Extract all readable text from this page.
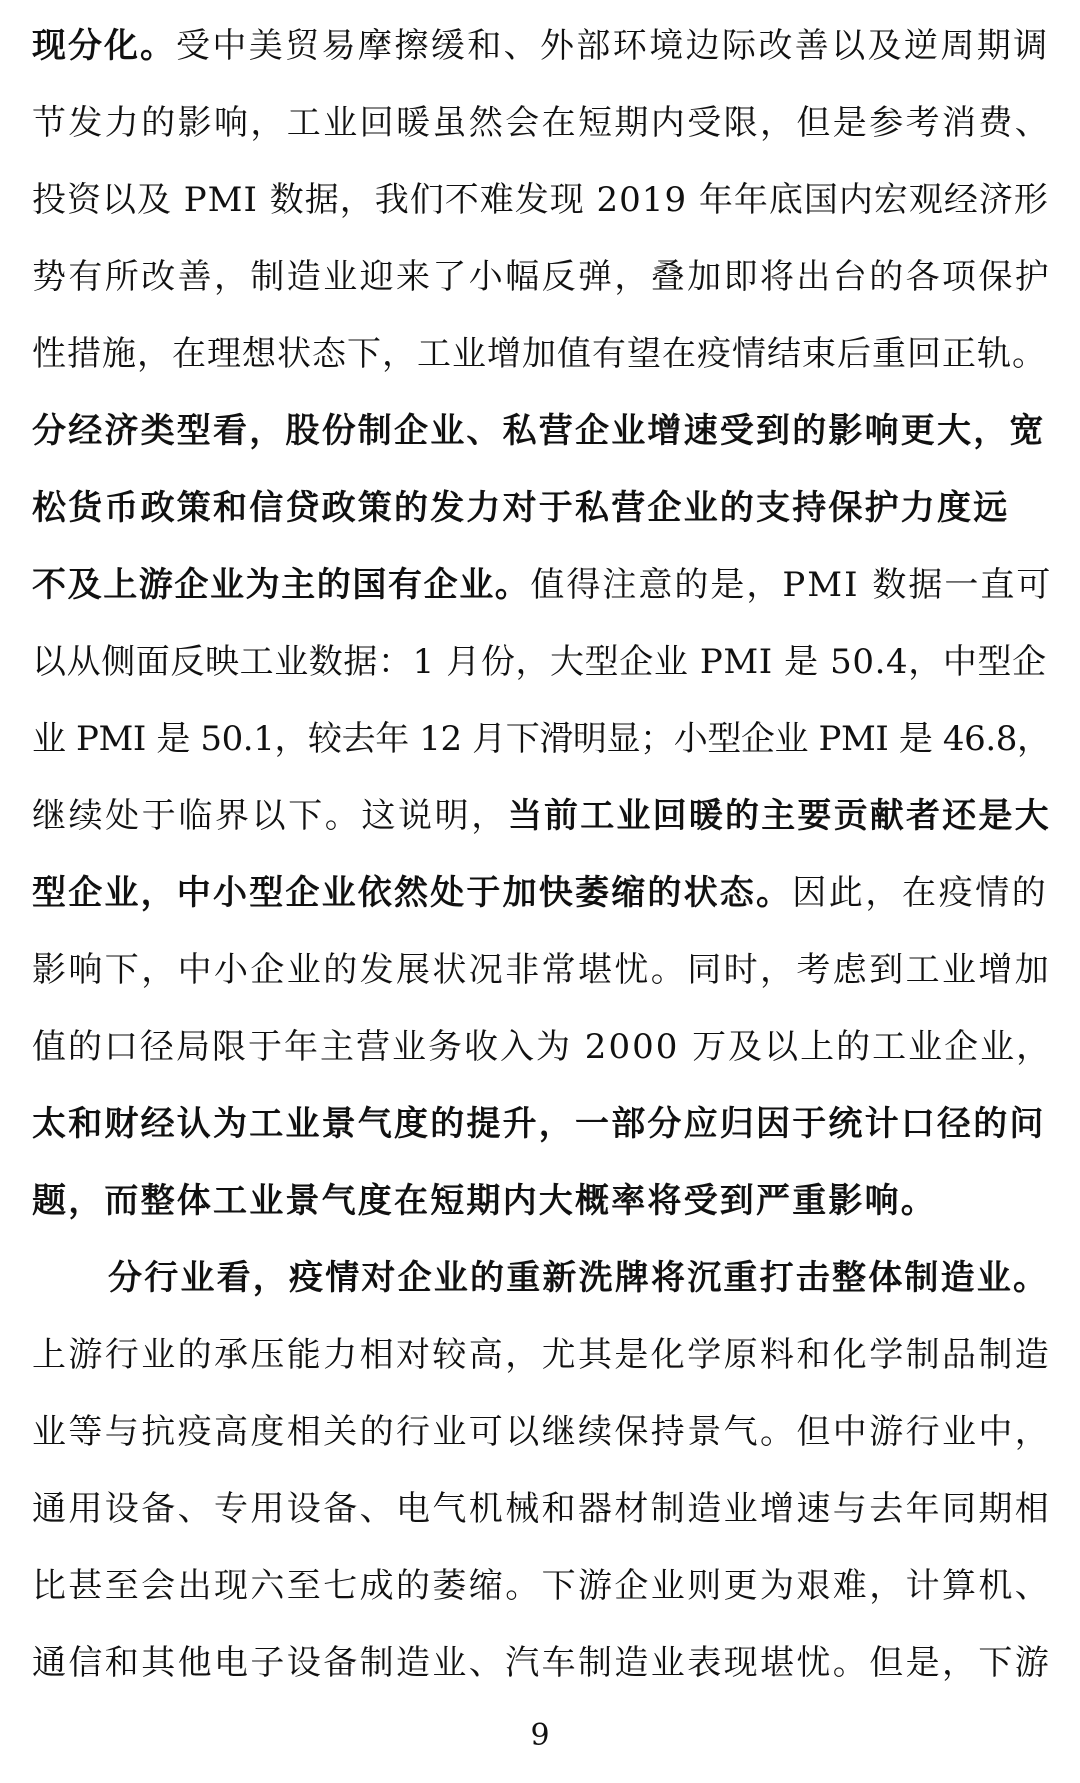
现分化。受中美贸易摩擦缓和、外部环境边际改善以及逆周期调
节发力的影响，工业回暖虽然会在短期内受限，但是参考消费、
投资以及 PMI 数据，我们不难发现 2019 年年底国内宏观经济形
势有所改善，制造业迎来了小幅反弹，叠加即将出台的各项保护
性措施，在理想状态下，工业增加值有望在疫情结束后重回正轨。
分经济类型看，股份制企业、私营企业增速受到的影响更大，宽
松货币政策和信贷政策的发力对于私营企业的支持保护力度远
不及上游企业为主的国有企业。值得注意的是，PMI 数据一直可
以从侧面反映工业数据：1 月份，大型企业 PMI 是 50.4，中型企
业 PMI 是 50.1，较去年 12 月下滑明显；小型企业 PMI 是 46.8，
继续处于临界以下。这说明，当前工业回暖的主要贡献者还是大
型企业，中小型企业依然处于加快萎缩的状态。因此，在疫情的
影响下，中小企业的发展状况非常堪忧。同时，考虑到工业增加
值的口径局限于年主营业务收入为 2000 万及以上的工业企业，
太和财经认为工业景气度的提升，一部分应归因于统计口径的问
题，而整体工业景气度在短期内大概率将受到严重影响。
分行业看，疫情对企业的重新洗牌将沉重打击整体制造业。
上游行业的承压能力相对较高，尤其是化学原料和化学制品制造
业等与抗疫高度相关的行业可以继续保持景气。但中游行业中，
通用设备、专用设备、电气机械和器材制造业增速与去年同期相
比甚至会出现六至七成的萎缩。下游企业则更为艰难，计算机、
通信和其他电子设备制造业、汽车制造业表现堪忧。但是，下游
9
